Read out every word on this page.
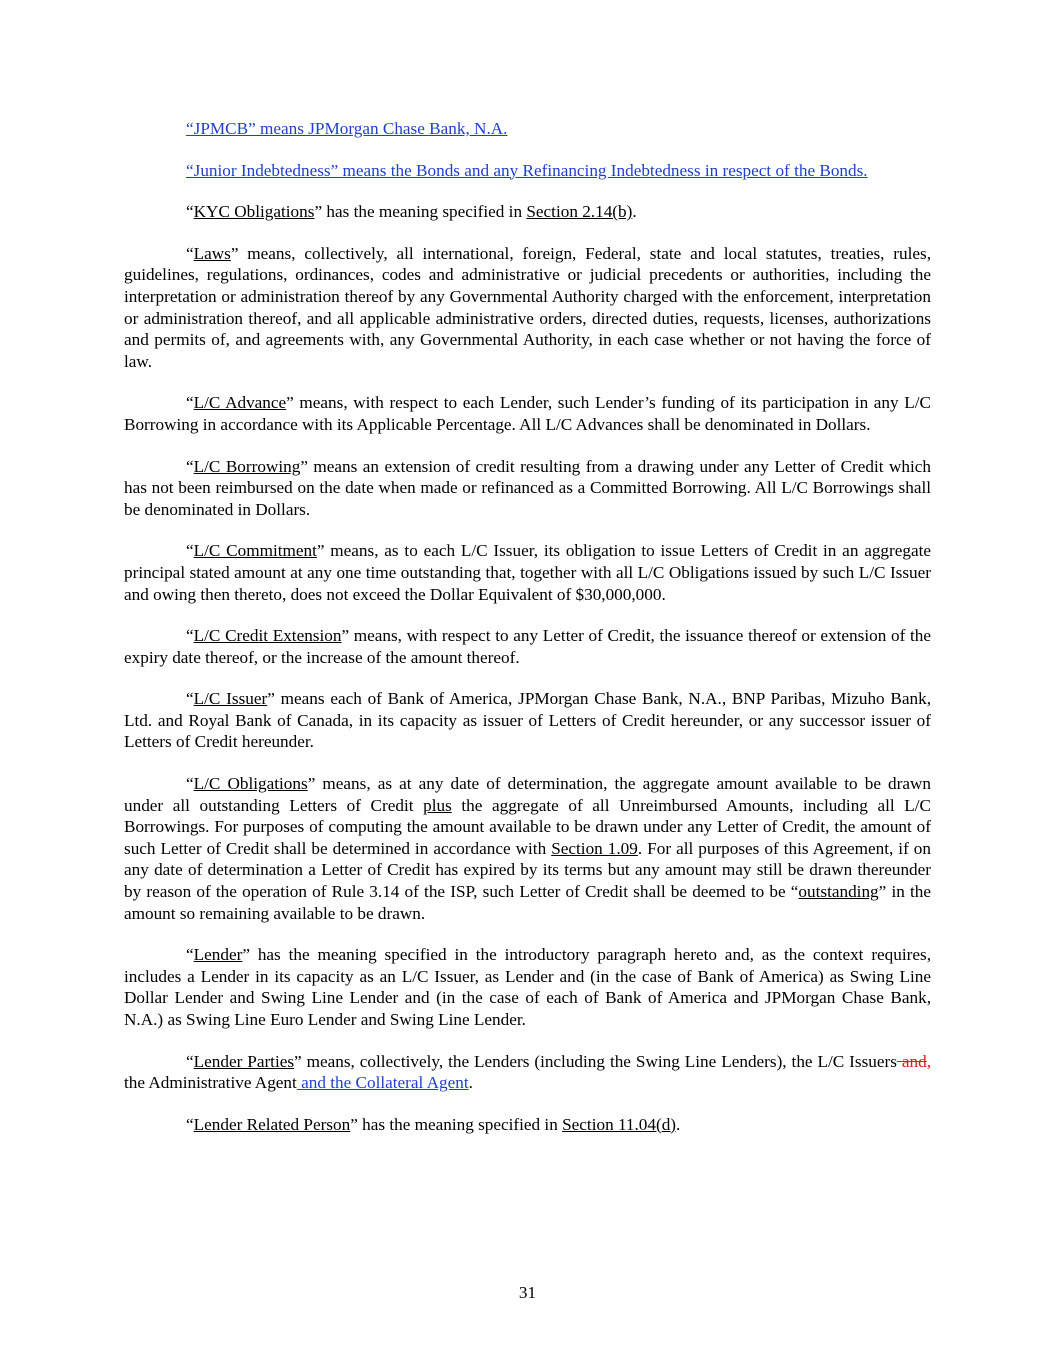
“JPMCB” means JPMorgan Chase Bank, N.A.

“Junior Indebtedness” means the Bonds and any Refinancing Indebtedness in respect of the Bonds.

“KYC Obligations” has the meaning specified in Section 2.14(b).

“Laws” means, collectively, all international, foreign, Federal, state and local statutes, treaties, rules, guidelines, regulations, ordinances, codes and administrative or judicial precedents or authorities, including the interpretation or administration thereof by any Governmental Authority charged with the enforcement, interpretation or administration thereof, and all applicable administrative orders, directed duties, requests, licenses, authorizations and permits of, and agreements with, any Governmental Authority, in each case whether or not having the force of law.

“L/C Advance” means, with respect to each Lender, such Lender’s funding of its participation in any L/C Borrowing in accordance with its Applicable Percentage. All L/C Advances shall be denominated in Dollars.

“L/C Borrowing” means an extension of credit resulting from a drawing under any Letter of Credit which has not been reimbursed on the date when made or refinanced as a Committed Borrowing. All L/C Borrowings shall be denominated in Dollars.

“L/C Commitment” means, as to each L/C Issuer, its obligation to issue Letters of Credit in an aggregate principal stated amount at any one time outstanding that, together with all L/C Obligations issued by such L/C Issuer and owing then thereto, does not exceed the Dollar Equivalent of $30,000,000.

“L/C Credit Extension” means, with respect to any Letter of Credit, the issuance thereof or extension of the expiry date thereof, or the increase of the amount thereof.

“L/C Issuer” means each of Bank of America, JPMorgan Chase Bank, N.A., BNP Paribas, Mizuho Bank, Ltd. and Royal Bank of Canada, in its capacity as issuer of Letters of Credit hereunder, or any successor issuer of Letters of Credit hereunder.

“L/C Obligations” means, as at any date of determination, the aggregate amount available to be drawn under all outstanding Letters of Credit plus the aggregate of all Unreimbursed Amounts, including all L/C Borrowings. For purposes of computing the amount available to be drawn under any Letter of Credit, the amount of such Letter of Credit shall be determined in accordance with Section 1.09. For all purposes of this Agreement, if on any date of determination a Letter of Credit has expired by its terms but any amount may still be drawn thereunder by reason of the operation of Rule 3.14 of the ISP, such Letter of Credit shall be deemed to be “outstanding” in the amount so remaining available to be drawn.

“Lender” has the meaning specified in the introductory paragraph hereto and, as the context requires, includes a Lender in its capacity as an L/C Issuer, as Lender and (in the case of Bank of America) as Swing Line Dollar Lender and Swing Line Lender and (in the case of each of Bank of America and JPMorgan Chase Bank, N.A.) as Swing Line Euro Lender and Swing Line Lender.

“Lender Parties” means, collectively, the Lenders (including the Swing Line Lenders), the L/C Issuers and, the Administrative Agent and the Collateral Agent.

“Lender Related Person” has the meaning specified in Section 11.04(d).

31
